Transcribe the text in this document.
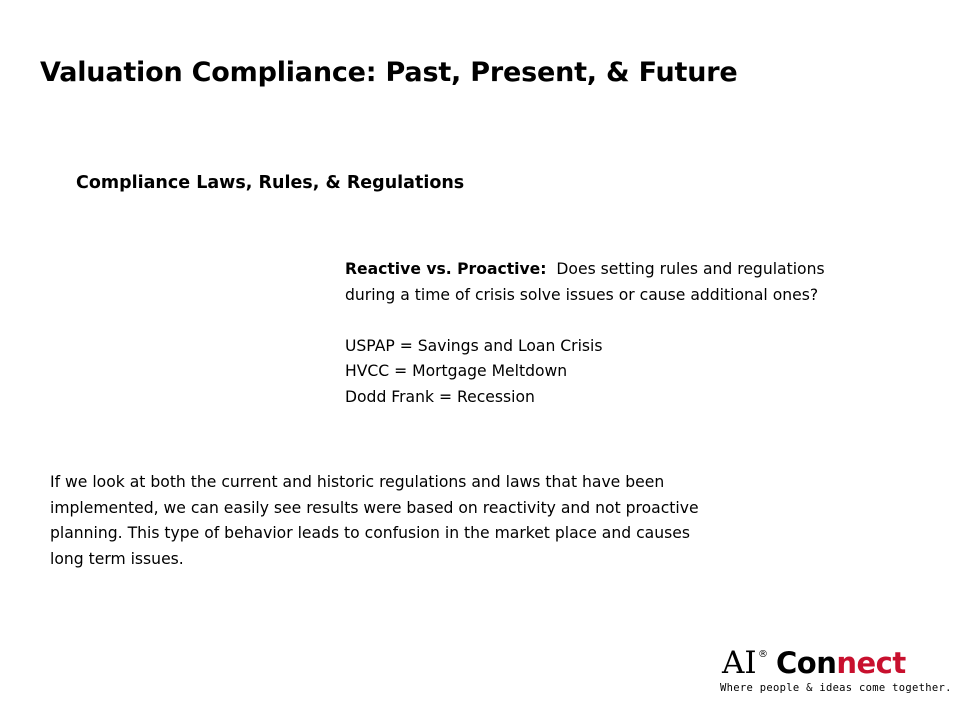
Valuation Compliance: Past, Present, & Future
Compliance Laws, Rules, & Regulations

Reactive vs. Proactive: Does setting rules and regulations

during a time of crisis solve issues or cause additional ones?

USPAP = Savings and Loan Crisis

HVCC = Mortgage Meltdown

Dodd Frank = Recession

If we look at both the current and historic regulations and laws that have been

implemented, we can easily see results were based on reactivity and not proactive

planning. This type of behavior leads to confusion in the market place and causes

long term issues.

AI ® Connect
Where people & ideas come together.
